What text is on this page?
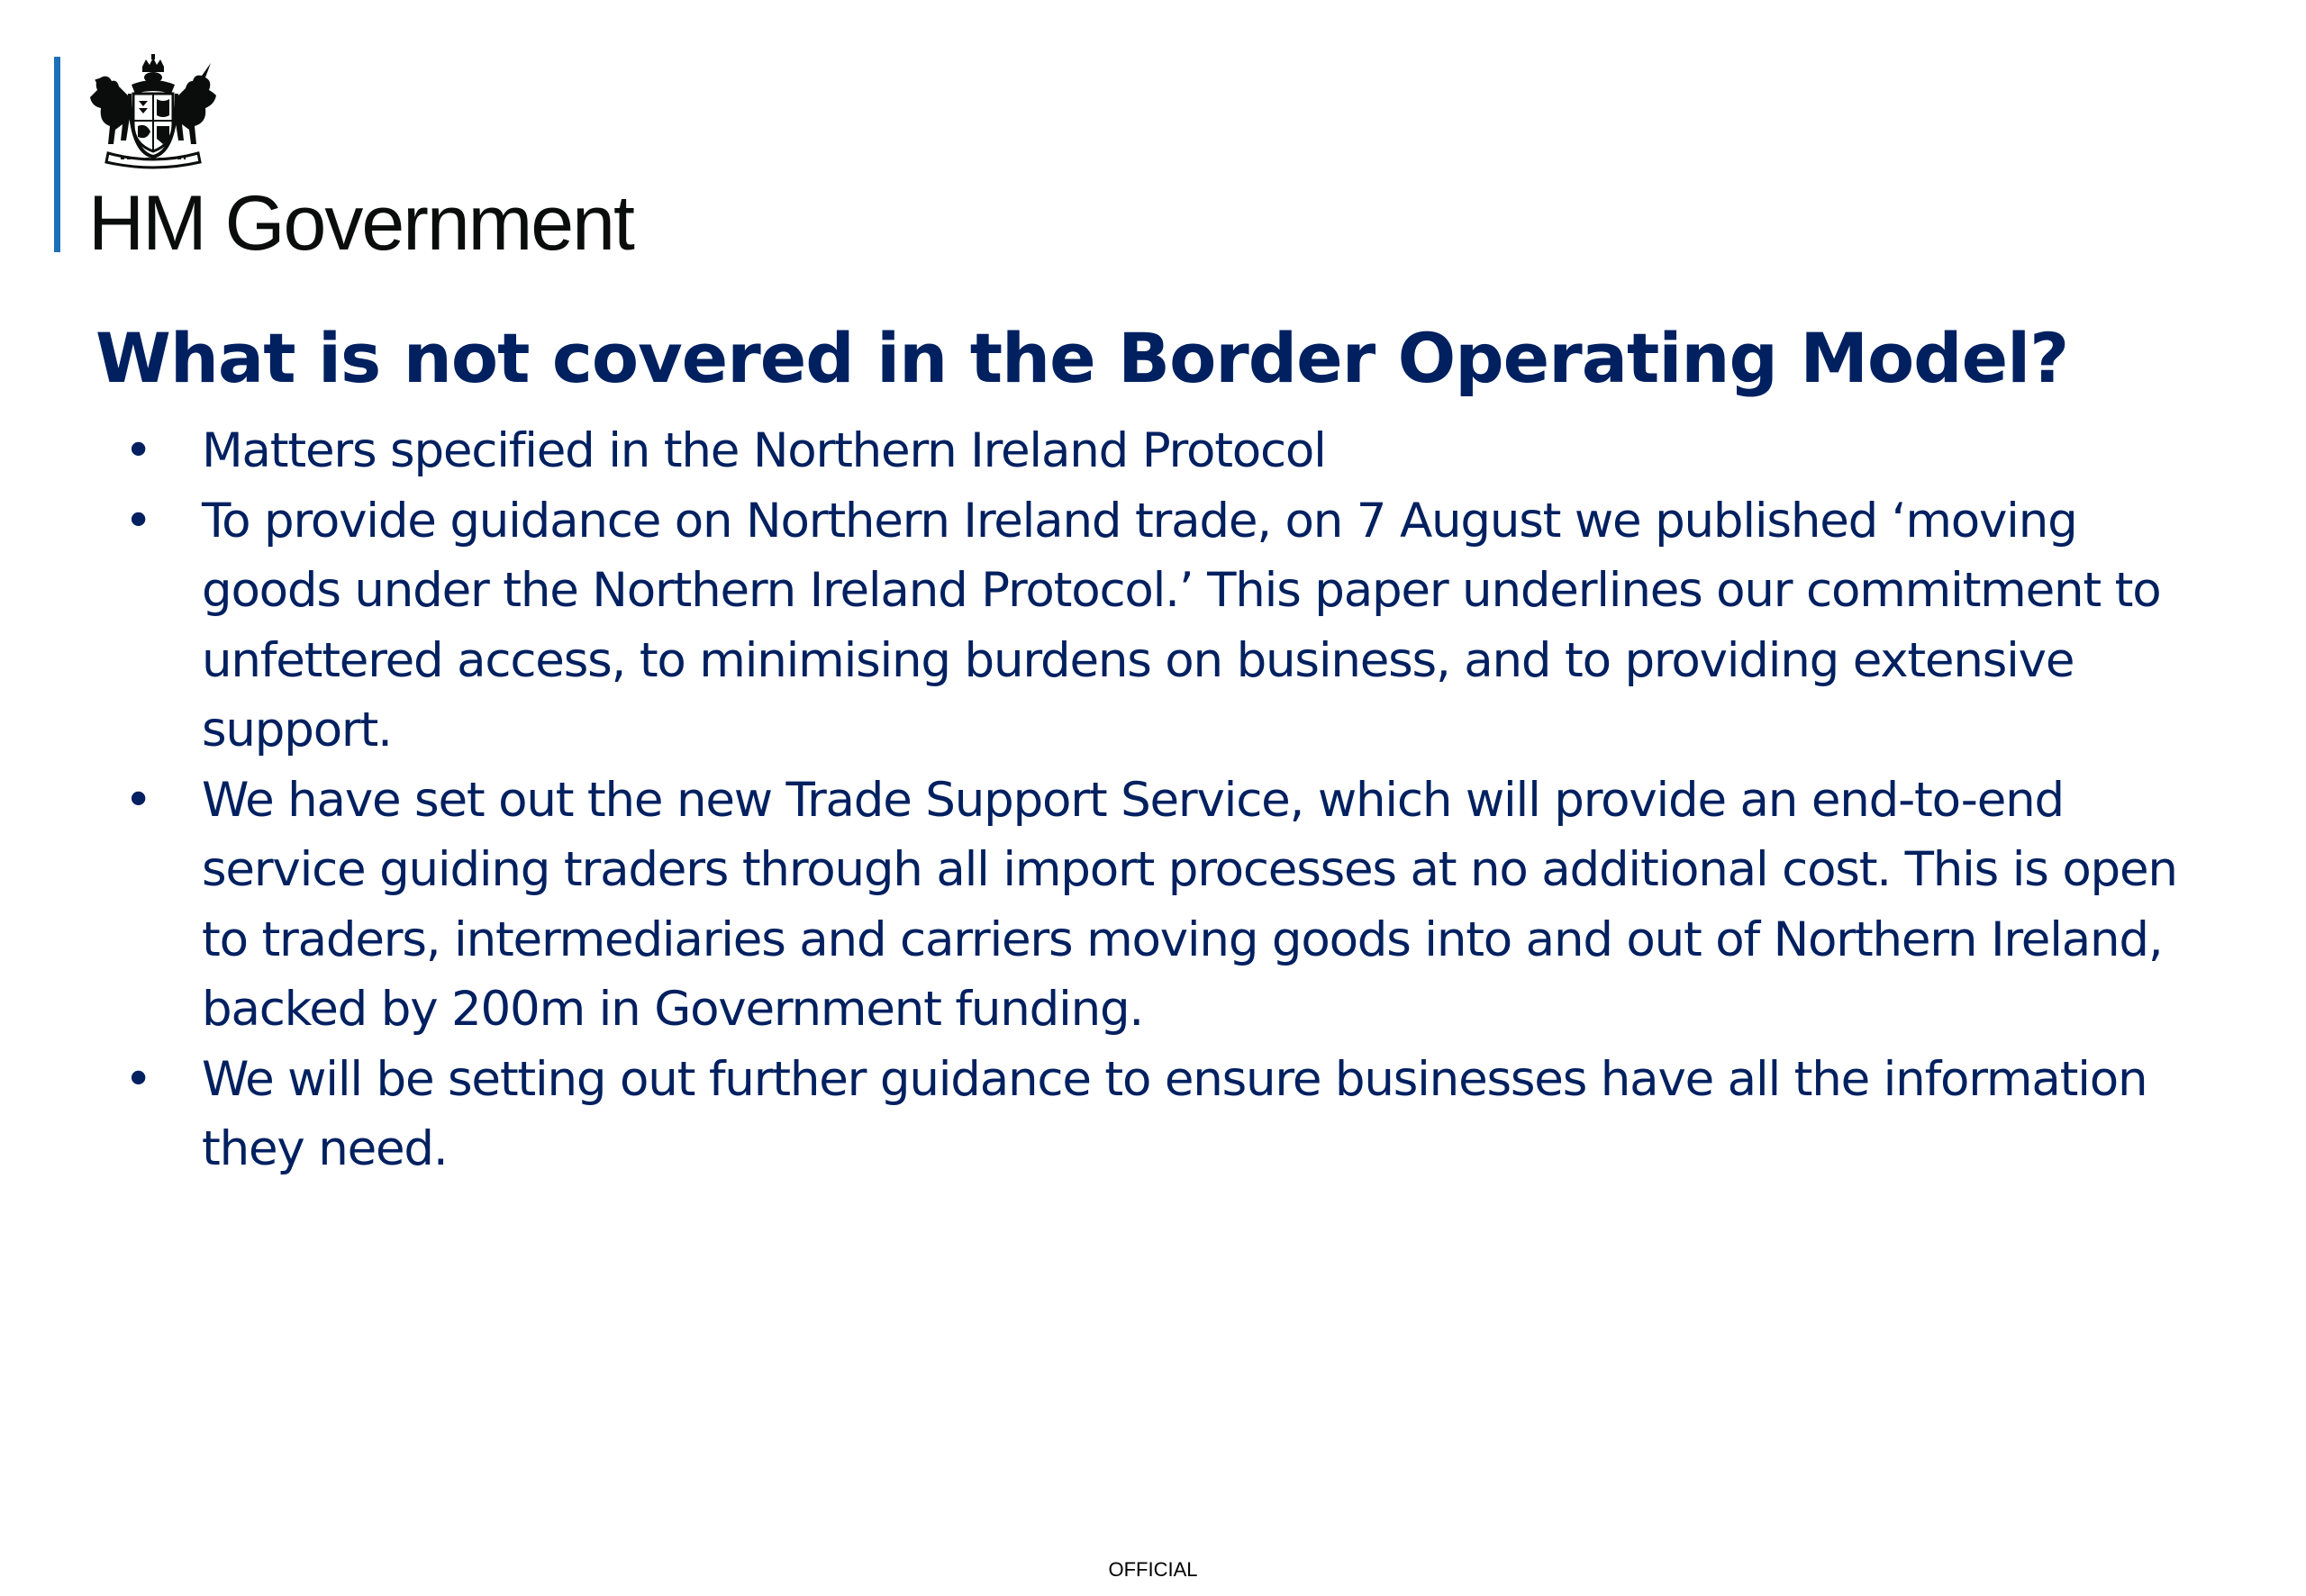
HM Government
What is not covered in the Border Operating Model?
• Matters specified in the Northern Ireland Protocol
• To provide guidance on Northern Ireland trade, on 7 August we published ‘moving
goods under the Northern Ireland Protocol.’ This paper underlines our commitment to
unfettered access, to minimising burdens on business, and to providing extensive
support.
• We have set out the new Trade Support Service, which will provide an end-to-end
service guiding traders through all import processes at no additional cost. This is open
to traders, intermediaries and carriers moving goods into and out of Northern Ireland,
backed by 200m in Government funding.
• We will be setting out further guidance to ensure businesses have all the information
they need.
OFFICIAL
